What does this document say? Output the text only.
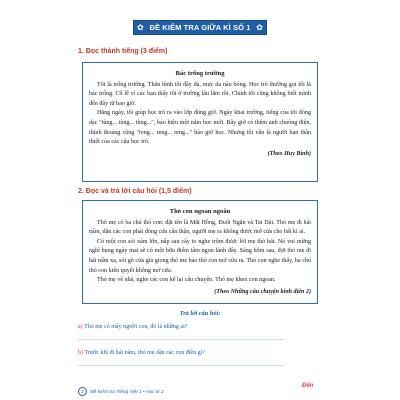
✿ ĐỀ KIỂM TRA GIỮA KÌ SỐ 1 ✿
1. Đọc thành tiếng (3 điểm)
Bác trống trường

Tôi là trống trường. Thân hình tôi đầy đà, mực da nâu bóng. Học trò thường gọi tôi là bác trống. Cô lễ vì các bạn thấy tôi ở trường lâu lắm rồi. Chính tôi cũng không biết mình đến đây từ bao giờ.

Hằng ngày, tôi giúp học trò ra vào lớp đúng giờ. Ngày khai trường, tiếng của tôi đóng dạc "tùng... tùng... tùng...", báo hiệu một năm học mới. Bây giờ có thêm anh chuông điện, thỉnh thoảng cũng "reng... reng... reng..." báo giờ học. Nhưng tôi vẫn là người bạn thân thiết của các cậu học trò.

(Theo Huy Bình)

2. Đọc và trả lời câu hỏi (1,5 điểm)
Thỏ con ngoan ngoãn

Thỏ mẹ có ba chú thỏ con: đặt tên là Mắt Hồng, Đuôi Ngắn và Tai Dài. Thỏ mẹ đi hái nấm, dặn các con phải đóng cửa cẩn thận, người mẹ ra không được mở cửa cho bất kì ai.

Có một con sói xám lớn, nấp sau cây to nghe trộm được lời mẹ thỏ hát. Nó vui mừng nghĩ bụng ngày mai sẽ có một bữa điểm tâm ngon lành đây. Sáng hôm sau, đợi thỏ mẹ đi hái nấm xa, sói gõ cửa giả giọng thỏ mẹ bảo thỏ con mở cửa ra. Thỏ con nghe thấy, ba chú thỏ con kiên quyết không mở cửa.

Thỏ mẹ về nhà, nghe các con kể lại câu chuyện. Thỏ mẹ khen con ngoan.

(Theo Những câu chuyện kinh điển 2)

Trả lời câu hỏi:
a) Thỏ mẹ có mấy người con, đó là những ai?
.......................................................................................................
b) Trước khi đi hái nấm, thỏ mẹ dặn các con điều gì?
.......................................................................................................
2 Đề kiểm tra Tiếng Việt 1 • Học kì 2
Đến
